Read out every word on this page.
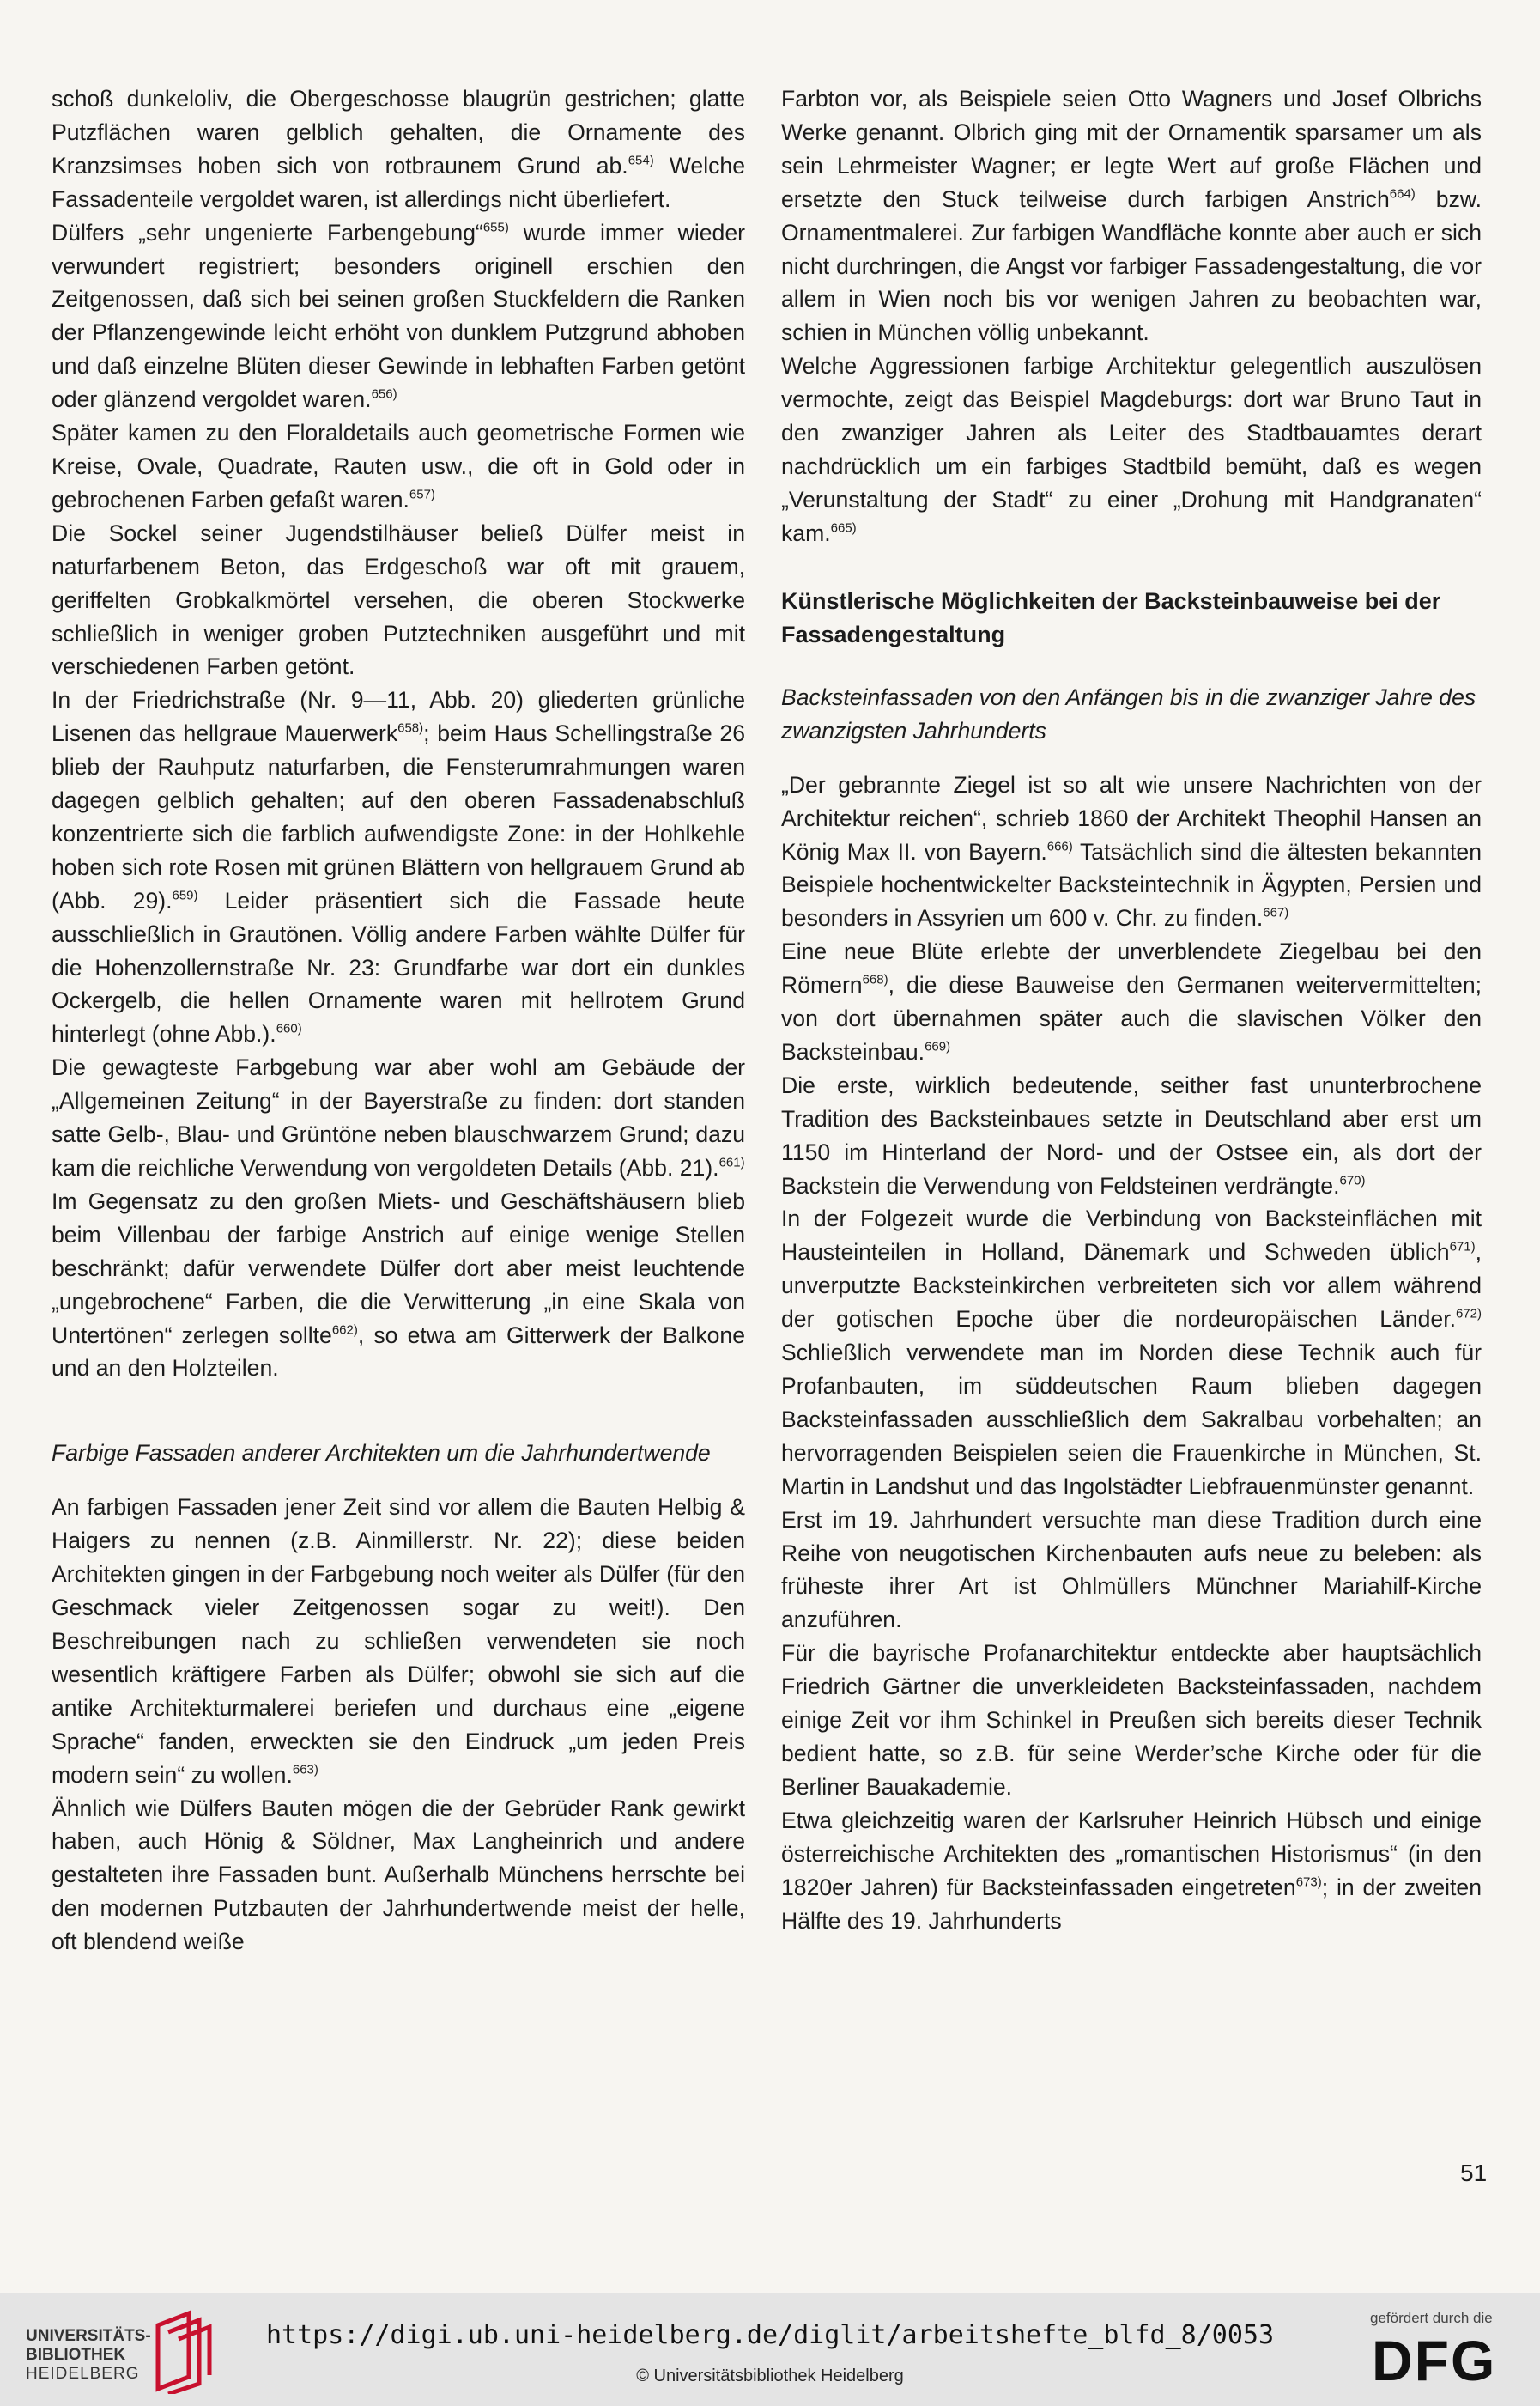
schoß dunkeloliv, die Obergeschosse blaugrün gestrichen; glatte Putzflächen waren gelblich gehalten, die Ornamente des Kranzsimses hoben sich von rotbraunem Grund ab.$^{654)}$ Welche Fassadenteile vergoldet waren, ist allerdings nicht überliefert.

Dülfers „sehr ungenierte Farbengebung“$^{655)}$ wurde immer wieder verwundert registriert; besonders originell erschien den Zeitgenossen, daß sich bei seinen großen Stuckfeldern die Ranken der Pflanzengewinde leicht erhöht von dunklem Putzgrund abhoben und daß einzelne Blüten dieser Gewinde in lebhaften Farben getönt oder glänzend vergoldet waren.$^{656)}$

Später kamen zu den Floraldetails auch geometrische Formen wie Kreise, Ovale, Quadrate, Rauten usw., die oft in Gold oder in gebrochenen Farben gefaßt waren.$^{657)}$

Die Sockel seiner Jugendstilhäuser beließ Dülfer meist in naturfarbenem Beton, das Erdgeschoß war oft mit grauem, geriffelten Grobkalkmörtel versehen, die oberen Stockwerke schließlich in weniger groben Putztechniken ausgeführt und mit verschiedenen Farben getönt.

In der Friedrichstraße (Nr. 9—11, Abb. 20) gliederten grünliche Lisenen das hellgraue Mauerwerk$^{658)}$; beim Haus Schellingstraße 26 blieb der Rauhputz naturfarben, die Fensterumrahmungen waren dagegen gelblich gehalten; auf den oberen Fassadenabschluß konzentrierte sich die farblich aufwendigste Zone: in der Hohlkehle hoben sich rote Rosen mit grünen Blättern von hellgrauem Grund ab (Abb. 29).$^{659)}$ Leider präsentiert sich die Fassade heute ausschließlich in Grautönen. Völlig andere Farben wählte Dülfer für die Hohenzollernstraße Nr. 23: Grundfarbe war dort ein dunkles Ockergelb, die hellen Ornamente waren mit hellrotem Grund hinterlegt (ohne Abb.).$^{660)}$

Die gewagteste Farbgebung war aber wohl am Gebäude der „Allgemeinen Zeitung“ in der Bayerstraße zu finden: dort standen satte Gelb-, Blau- und Grüntöne neben blauschwarzem Grund; dazu kam die reichliche Verwendung von vergoldeten Details (Abb. 21).$^{661)}$

Im Gegensatz zu den großen Miets- und Geschäftshäusern blieb beim Villenbau der farbige Anstrich auf einige wenige Stellen beschränkt; dafür verwendete Dülfer dort aber meist leuchtende „ungebrochene“ Farben, die die Verwitterung „in eine Skala von Untertönen“ zerlegen sollte$^{662)}$, so etwa am Gitterwerk der Balkone und an den Holzteilen.

Farbige Fassaden anderer Architekten um die Jahrhundertwende

An farbigen Fassaden jener Zeit sind vor allem die Bauten Helbig & Haigers zu nennen (z.B. Ainmillerstr. Nr. 22); diese beiden Architekten gingen in der Farbgebung noch weiter als Dülfer (für den Geschmack vieler Zeitgenossen sogar zu weit!). Den Beschreibungen nach zu schließen verwendeten sie noch wesentlich kräftigere Farben als Dülfer; obwohl sie sich auf die antike Architekturmalerei beriefen und durchaus eine „eigene Sprache“ fanden, erweckten sie den Eindruck „um jeden Preis modern sein“ zu wollen.$^{663)}$

Ähnlich wie Dülfers Bauten mögen die der Gebrüder Rank gewirkt haben, auch Hönig & Söldner, Max Langheinrich und andere gestalteten ihre Fassaden bunt. Außerhalb Münchens herrschte bei den modernen Putzbauten der Jahrhundertwende meist der helle, oft blendend weiße

Farbton vor, als Beispiele seien Otto Wagners und Josef Olbrichs Werke genannt. Olbrich ging mit der Ornamentik sparsamer um als sein Lehrmeister Wagner; er legte Wert auf große Flächen und ersetzte den Stuck teilweise durch farbigen Anstrich$^{664)}$ bzw. Ornamentmalerei. Zur farbigen Wandfläche konnte aber auch er sich nicht durchringen, die Angst vor farbiger Fassadengestaltung, die vor allem in Wien noch bis vor wenigen Jahren zu beobachten war, schien in München völlig unbekannt.

Welche Aggressionen farbige Architektur gelegentlich auszulösen vermochte, zeigt das Beispiel Magdeburgs: dort war Bruno Taut in den zwanziger Jahren als Leiter des Stadtbauamtes derart nachdrücklich um ein farbiges Stadtbild bemüht, daß es wegen „Verunstaltung der Stadt“ zu einer „Drohung mit Handgranaten“ kam.$^{665)}$

Künstlerische Möglichkeiten der Backsteinbauweise bei der Fassadengestaltung

Backsteinfassaden von den Anfängen bis in die zwanziger Jahre des zwanzigsten Jahrhunderts

„Der gebrannte Ziegel ist so alt wie unsere Nachrichten von der Architektur reichen“, schrieb 1860 der Architekt Theophil Hansen an König Max II. von Bayern.$^{666)}$ Tatsächlich sind die ältesten bekannten Beispiele hochentwickelter Backsteintechnik in Ägypten, Persien und besonders in Assyrien um 600 v. Chr. zu finden.$^{667)}$

Eine neue Blüte erlebte der unverblendete Ziegelbau bei den Römern$^{668)}$, die diese Bauweise den Germanen weitervermittelten; von dort übernahmen später auch die slavischen Völker den Backsteinbau.$^{669)}$

Die erste, wirklich bedeutende, seither fast ununterbrochene Tradition des Backsteinbaues setzte in Deutschland aber erst um 1150 im Hinterland der Nord- und der Ostsee ein, als dort der Backstein die Verwendung von Feldsteinen verdrängte.$^{670)}$

In der Folgezeit wurde die Verbindung von Backsteinflächen mit Hausteinteilen in Holland, Dänemark und Schweden üblich$^{671)}$, unverputzte Backsteinkirchen verbreiteten sich vor allem während der gotischen Epoche über die nordeuropäischen Länder.$^{672)}$ Schließlich verwendete man im Norden diese Technik auch für Profanbauten, im süddeutschen Raum blieben dagegen Backsteinfassaden ausschließlich dem Sakralbau vorbehalten; an hervorragenden Beispielen seien die Frauenkirche in München, St. Martin in Landshut und das Ingolstädter Liebfrauenmünster genannt.

Erst im 19. Jahrhundert versuchte man diese Tradition durch eine Reihe von neugotischen Kirchenbauten aufs neue zu beleben: als früheste ihrer Art ist Ohlmüllers Münchner Mariahilf-Kirche anzuführen.

Für die bayrische Profanarchitektur entdeckte aber hauptsächlich Friedrich Gärtner die unverkleideten Backsteinfassaden, nachdem einige Zeit vor ihm Schinkel in Preußen sich bereits dieser Technik bedient hatte, so z.B. für seine Werder’sche Kirche oder für die Berliner Bauakademie.

Etwa gleichzeitig waren der Karlsruher Heinrich Hübsch und einige österreichische Architekten des „romantischen Historismus“ (in den 1820er Jahren) für Backsteinfassaden eingetreten$^{673)}$; in der zweiten Hälfte des 19. Jahrhunderts

51
UNIVERSITÄTS-
BIBLIOTHEK
HEIDELBERG
https://digi.ub.uni-heidelberg.de/diglit/arbeitshefte_blfd_8/0053
© Universitätsbibliothek Heidelberg
gefördert durch die
DFG
